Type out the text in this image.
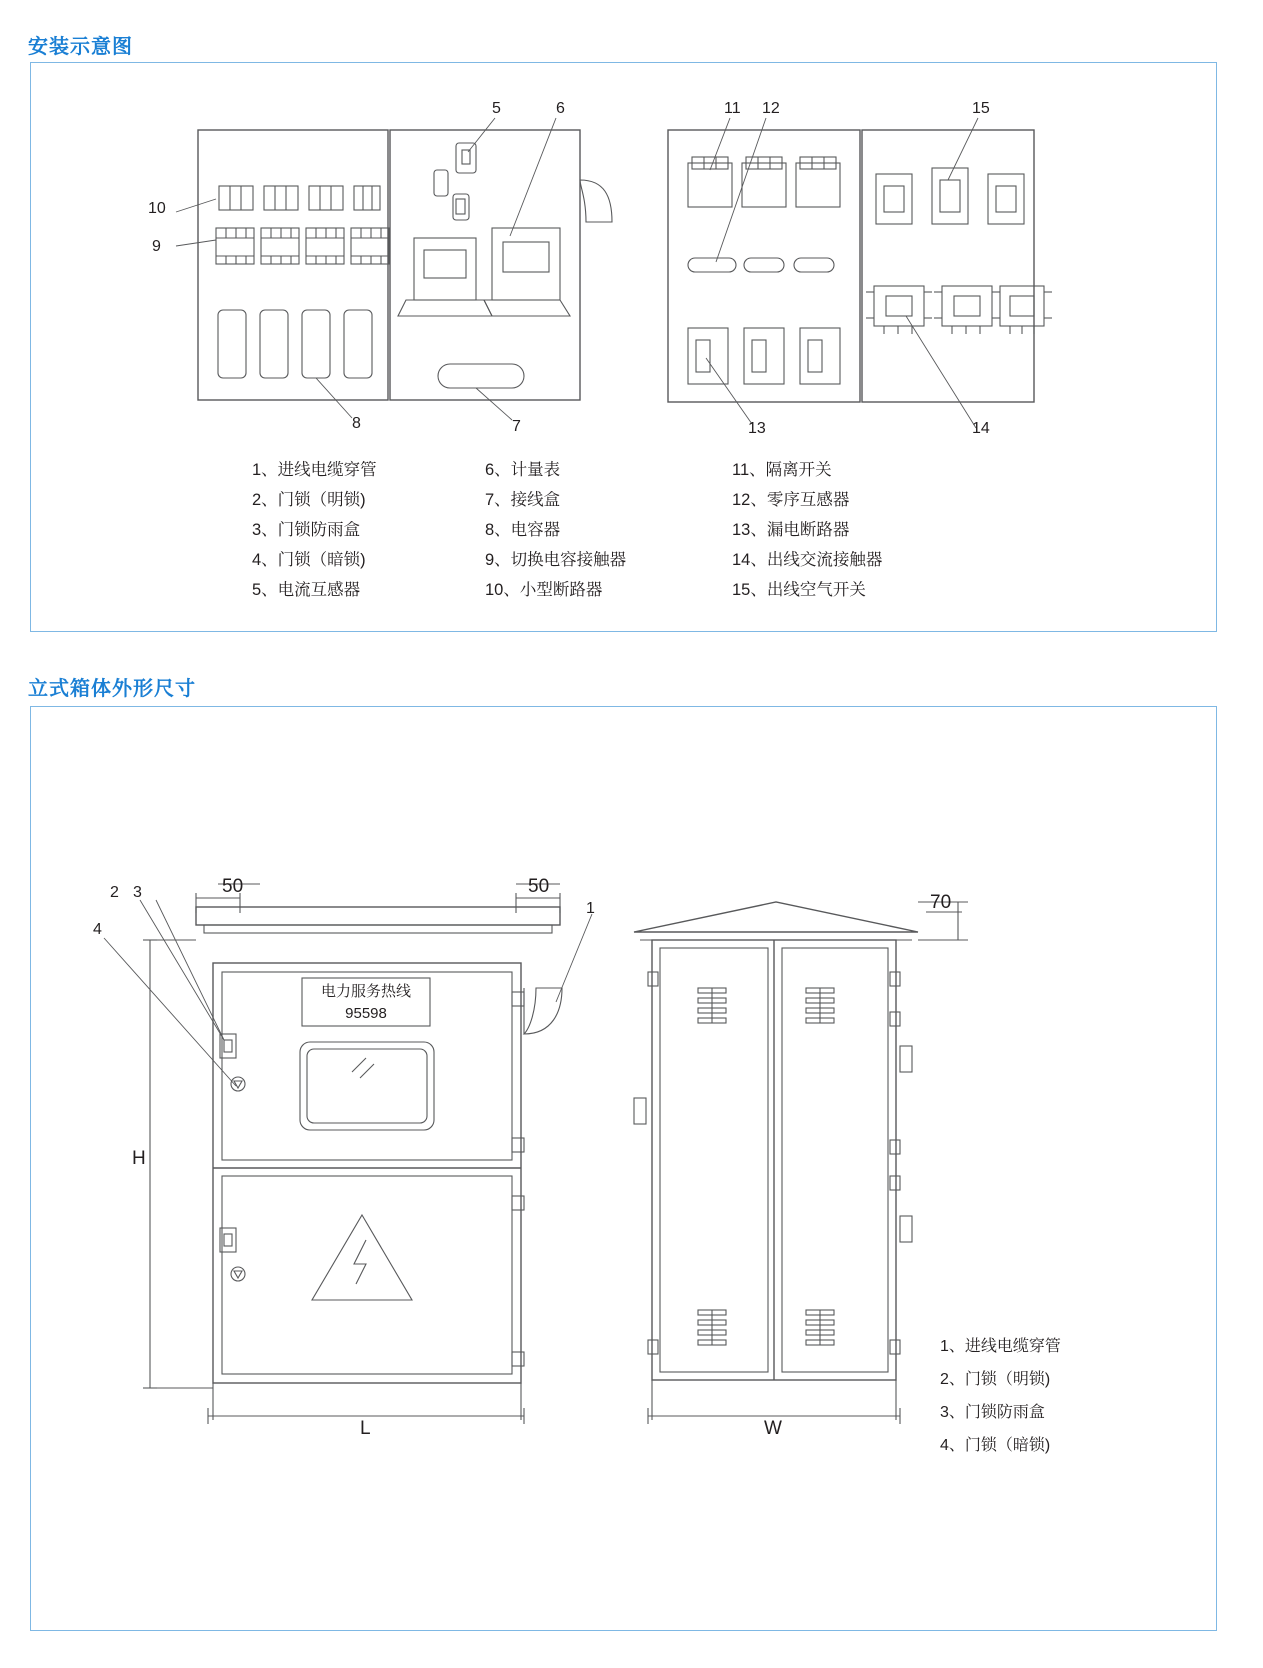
安装示意图
10
9
8	7
5	6	11 12
13	14
15
1、进线电缆穿管
2、门锁（明锁)
3、门锁防雨盒
4、门锁（暗锁)
5、电流互感器
6、计量表
7、接线盒
8、电容器
9、切换电容接触器
10、小型断路器
11、隔离开关
12、零序互感器
13、漏电断路器
14、出线交流接触器
15、出线空气开关
立式箱体外形尺寸
50	50
70
H
L	W
1
2 3
4
电力服务热线
95598
1、进线电缆穿管
2、门锁（明锁)
3、门锁防雨盒
4、门锁（暗锁)
